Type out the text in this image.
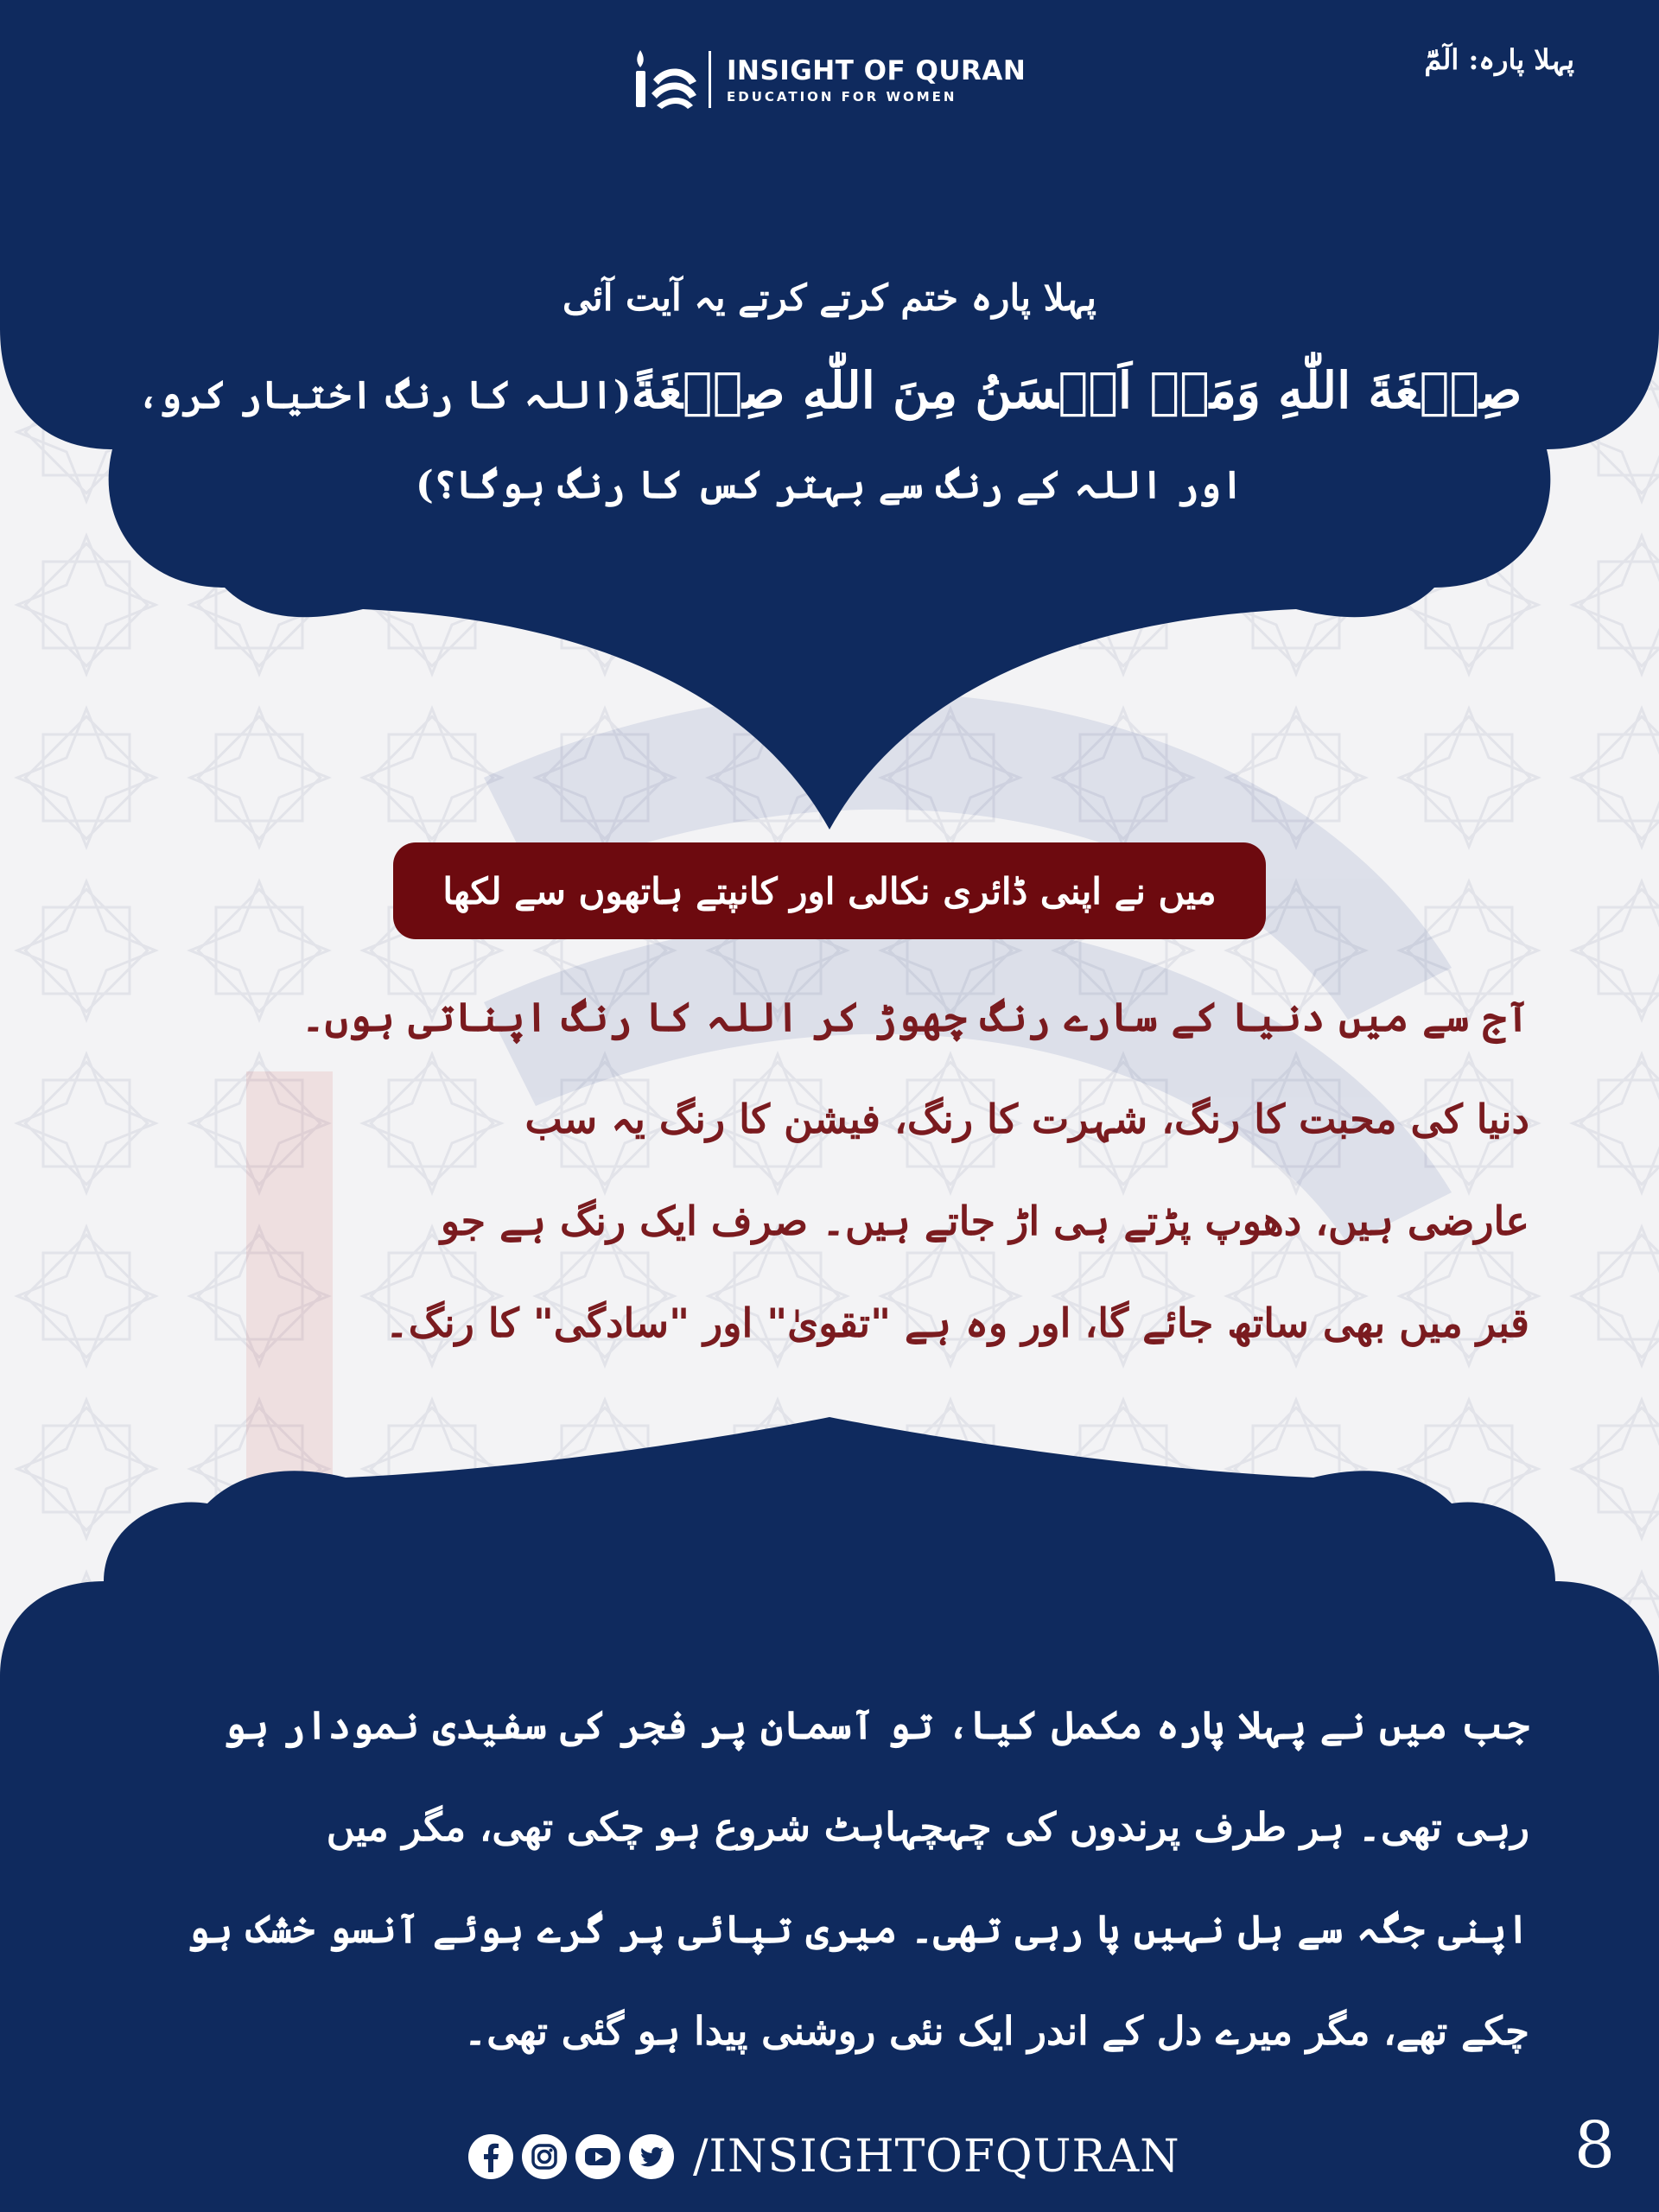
INSIGHT OF QURAN
EDUCATION FOR WOMEN
پہلا پارہ: الٓمّٓ
پہلا پارہ ختم کرتے کرتے یہ آیت آئی
صِبۡغَةَ اللّٰهِ وَمَنۡ اَحۡسَنُ مِنَ اللّٰهِ صِبۡغَةً(اللہ کا رنگ اختیار کرو، اور اللہ کے رنگ سے بہتر کس کا رنگ ہوگا؟)
میں نے اپنی ڈائری نکالی اور کانپتے ہاتھوں سے لکھا
آج سے میں دنیا کے سارے رنگ چھوڑ کر اللہ کا رنگ اپناتی ہوں۔
دنیا کی محبت کا رنگ، شہرت کا رنگ، فیشن کا رنگ یہ سب
عارضی ہیں، دھوپ پڑتے ہی اڑ جاتے ہیں۔ صرف ایک رنگ ہے جو
قبر میں بھی ساتھ جائے گا، اور وہ ہے "تقویٰ" اور "سادگی" کا رنگ۔
جب میں نے پہلا پارہ مکمل کیا، تو آسمان پر فجر کی سفیدی نمودار ہو
رہی تھی۔ ہر طرف پرندوں کی چہچہاہٹ شروع ہو چکی تھی، مگر میں
اپنی جگہ سے ہل نہیں پا رہی تھی۔ میری تپائی پر گرے ہوئے آنسو خشک ہو
چکے تھے، مگر میرے دل کے اندر ایک نئی روشنی پیدا ہو گئی تھی۔
/INSIGHTOFQURAN	8
